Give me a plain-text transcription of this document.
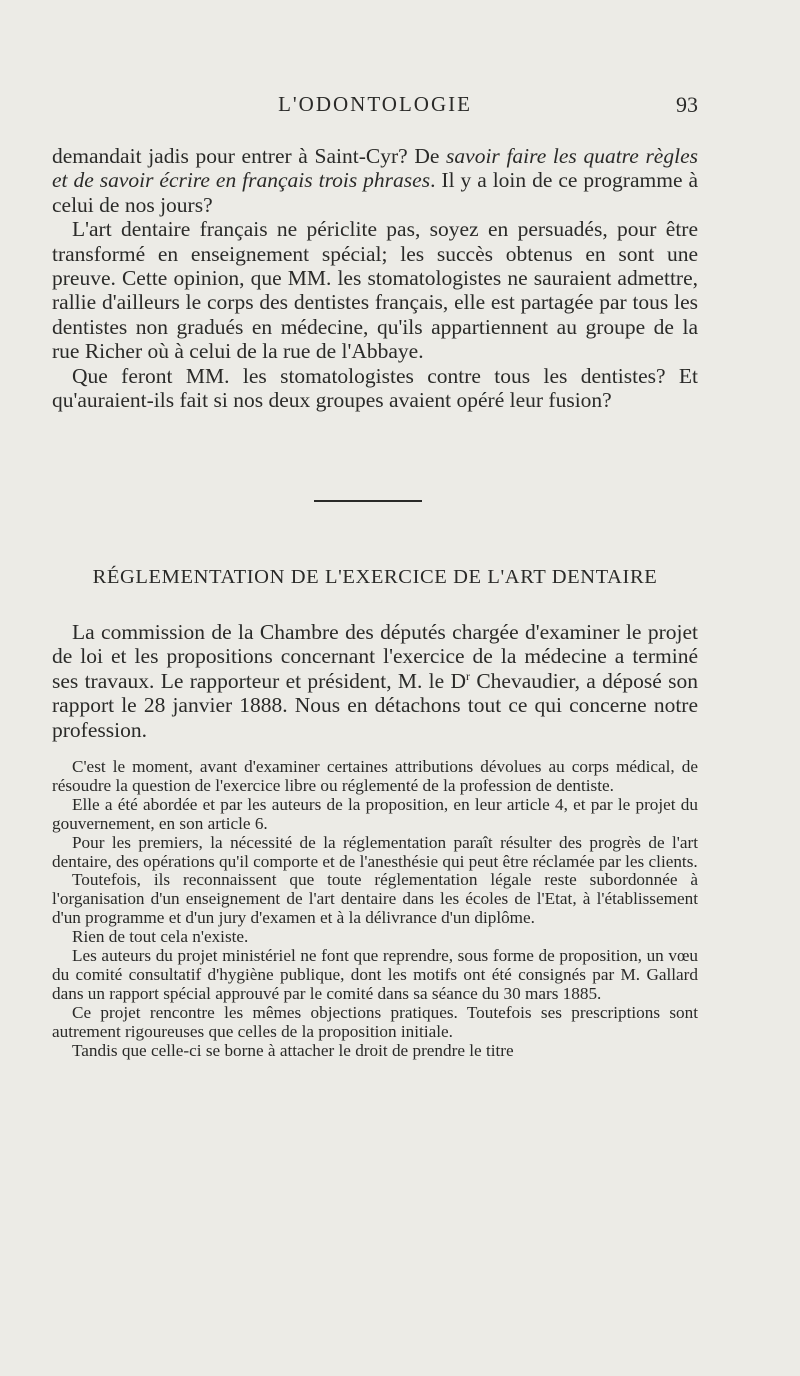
L'ODONTOLOGIE	93

demandait jadis pour entrer à Saint-Cyr? De savoir faire les quatre règles et de savoir écrire en français trois phrases. Il y a loin de ce programme à celui de nos jours?

L'art dentaire français ne périclite pas, soyez en persuadés, pour être transformé en enseignement spécial; les succès obtenus en sont une preuve. Cette opinion, que MM. les stomatologistes ne sauraient admettre, rallie d'ailleurs le corps des dentistes français, elle est partagée par tous les dentistes non gradués en médecine, qu'ils appartiennent au groupe de la rue Richer où à celui de la rue de l'Abbaye.

Que feront MM. les stomatologistes contre tous les dentistes? Et qu'auraient-ils fait si nos deux groupes avaient opéré leur fusion?

RÉGLEMENTATION DE L'EXERCICE DE L'ART DENTAIRE

La commission de la Chambre des députés chargée d'examiner le projet de loi et les propositions concernant l'exercice de la médecine a terminé ses travaux. Le rapporteur et président, M. le $D^r$ Chevaudier, a déposé son rapport le 28 janvier 1888. Nous en détachons tout ce qui concerne notre profession.

C'est le moment, avant d'examiner certaines attributions dévolues au corps médical, de résoudre la question de l'exercice libre ou réglementé de la profession de dentiste.

Elle a été abordée et par les auteurs de la proposition, en leur article 4, et par le projet du gouvernement, en son article 6.

Pour les premiers, la nécessité de la réglementation paraît résulter des progrès de l'art dentaire, des opérations qu'il comporte et de l'anesthésie qui peut être réclamée par les clients.

Toutefois, ils reconnaissent que toute réglementation légale reste subordonnée à l'organisation d'un enseignement de l'art dentaire dans les écoles de l'Etat, à l'établissement d'un programme et d'un jury d'examen et à la délivrance d'un diplôme.

Rien de tout cela n'existe.

Les auteurs du projet ministériel ne font que reprendre, sous forme de proposition, un vœu du comité consultatif d'hygiène publique, dont les motifs ont été consignés par M. Gallard dans un rapport spécial approuvé par le comité dans sa séance du 30 mars 1885.

Ce projet rencontre les mêmes objections pratiques. Toutefois ses prescriptions sont autrement rigoureuses que celles de la proposition initiale.

Tandis que celle-ci se borne à attacher le droit de prendre le titre
